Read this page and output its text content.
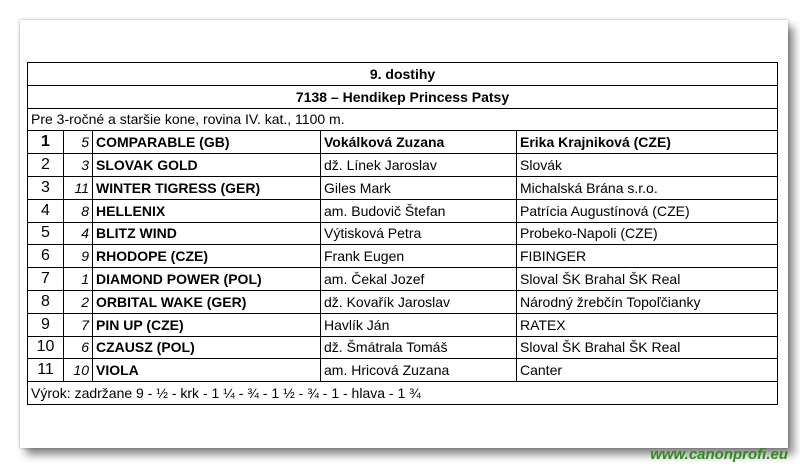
9. dostihy				
7138 – Hendikep Princess Patsy				
Pre 3-ročné a staršie kone, rovina IV. kat., 1100 m.				
1	5	COMPARABLE (GB)	Vokálková Zuzana	Erika Krajniková (CZE)
2	3	SLOVAK GOLD	dž. Línek Jaroslav	Slovák
3	11	WINTER TIGRESS (GER)	Giles Mark	Michalská Brána s.r.o.
4	8	HELLENIX	am. Budovič Štefan	Patrícia Augustínová (CZE)
5	4	BLITZ WIND	Výtisková Petra	Probeko-Napoli (CZE)
6	9	RHODOPE (CZE)	Frank Eugen	FIBINGER
7	1	DIAMOND POWER (POL)	am. Čekal Jozef	Sloval ŠK Brahal ŠK Real
8	2	ORBITAL WAKE (GER)	dž. Kovařík Jaroslav	Národný žrebčín Topoľčianky
9	7	PIN UP (CZE)	Havlík Ján	RATEX
10	6	CZAUSZ (POL)	dž. Šmátrala Tomáš	Sloval ŠK Brahal ŠK Real
11	10	VIOLA	am. Hricová Zuzana	Canter
Výrok: zadržane 9 - ½ - krk - 1 ¼ - ¾ - 1 ½ - ¾ - 1 - hlava - 1 ¾				
www.canonprofi.eu
